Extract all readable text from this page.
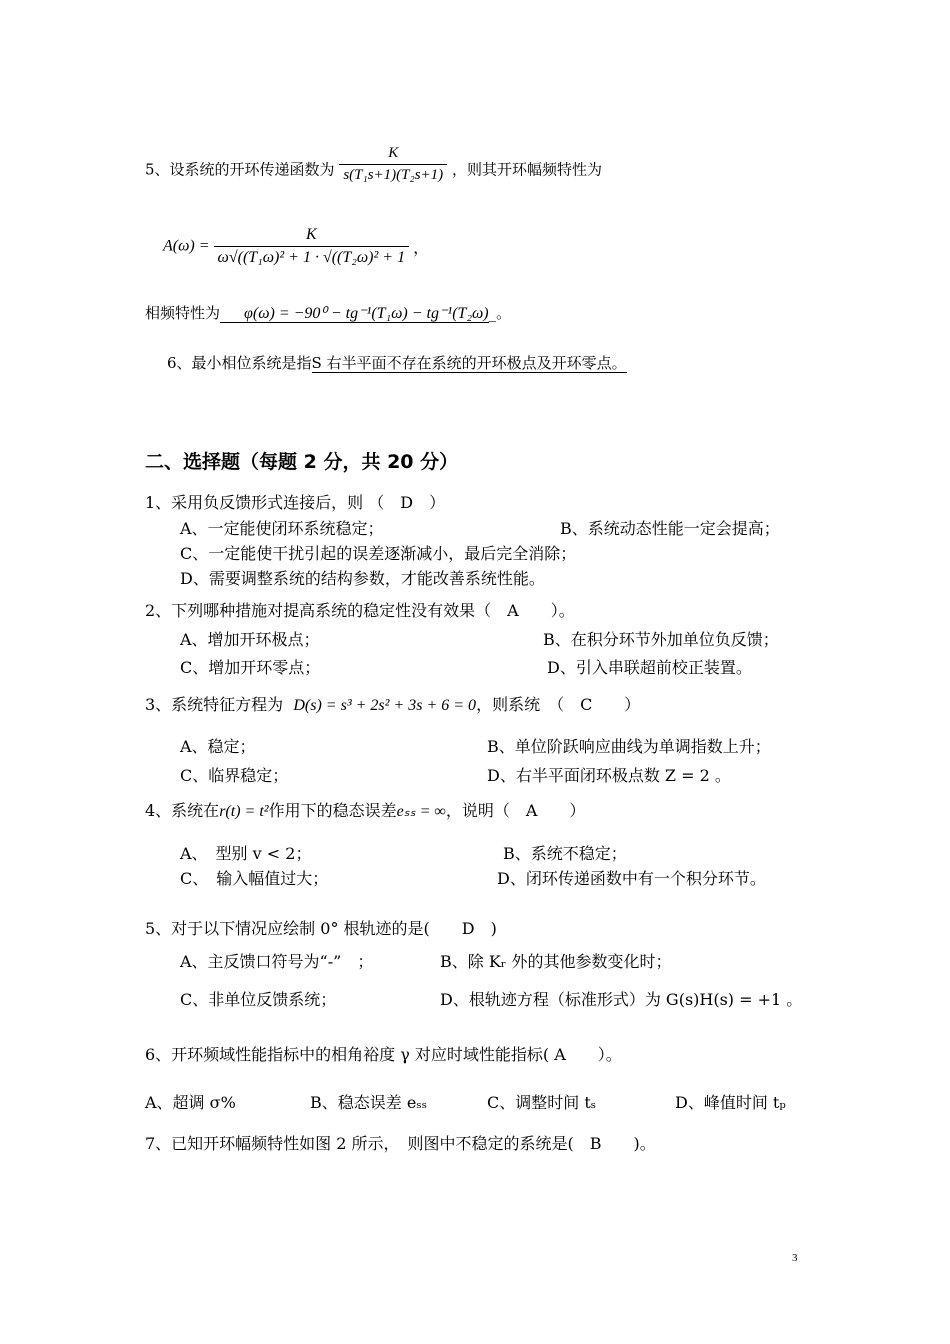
5、设系统的开环传递函数为 $\frac{K}{\text{s(T₁s+1)(T₂s+1)}}$ ，则其开环幅频特性为
$A(\omega) = \frac{K}{\text{ω√((T₁ω)² + 1 · √((T₂ω)² + 1}}$ ，
相频特性为 φ(ω) = −90⁰ − tg⁻¹(T₁ω) − tg⁻¹(T₂ω)_。
6、最小相位系统是指S 右半平面不存在系统的开环极点及开环零点。
二、选择题（每题 2 分，共 20 分）
1、采用负反馈形式连接后，则 （　D　）
A、一定能使闭环系统稳定；	B、系统动态性能一定会提高；
C、一定能使干扰引起的误差逐渐减小，最后完全消除；
D、需要调整系统的结构参数，才能改善系统性能。
2、下列哪种措施对提高系统的稳定性没有效果（　A　　）。
A、增加开环极点；	B、在积分环节外加单位负反馈；
C、增加开环零点；	D、引入串联超前校正装置。
3、系统特征方程为 D(s) = s³ + 2s² + 3s + 6 = 0，则系统　（　C　　）
A、稳定；	B、单位阶跃响应曲线为单调指数上升；
C、临界稳定；	D、右半平面闭环极点数 Z = 2 。
4、系统在r(t) = t²作用下的稳态误差eₛₛ = ∞，说明（　A　　）
A、　型别 v < 2；	B、系统不稳定；
C、　输入幅值过大；	D、闭环传递函数中有一个积分环节。
5、对于以下情况应绘制 0° 根轨迹的是(　　D　)
A、主反馈口符号为“-”　；	B、除 Kᵣ 外的其他参数变化时；
C、非单位反馈系统；	D、根轨迹方程（标准形式）为 G(s)H(s) = +1 。
6、开环频域性能指标中的相角裕度 γ 对应时域性能指标( A　　）。
A、超调 σ%	B、稳态误差 eₛₛ	C、调整时间 tₛ	D、峰值时间 tₚ
7、已知开环幅频特性如图 2 所示，　则图中不稳定的系统是(　B　　)。
3
